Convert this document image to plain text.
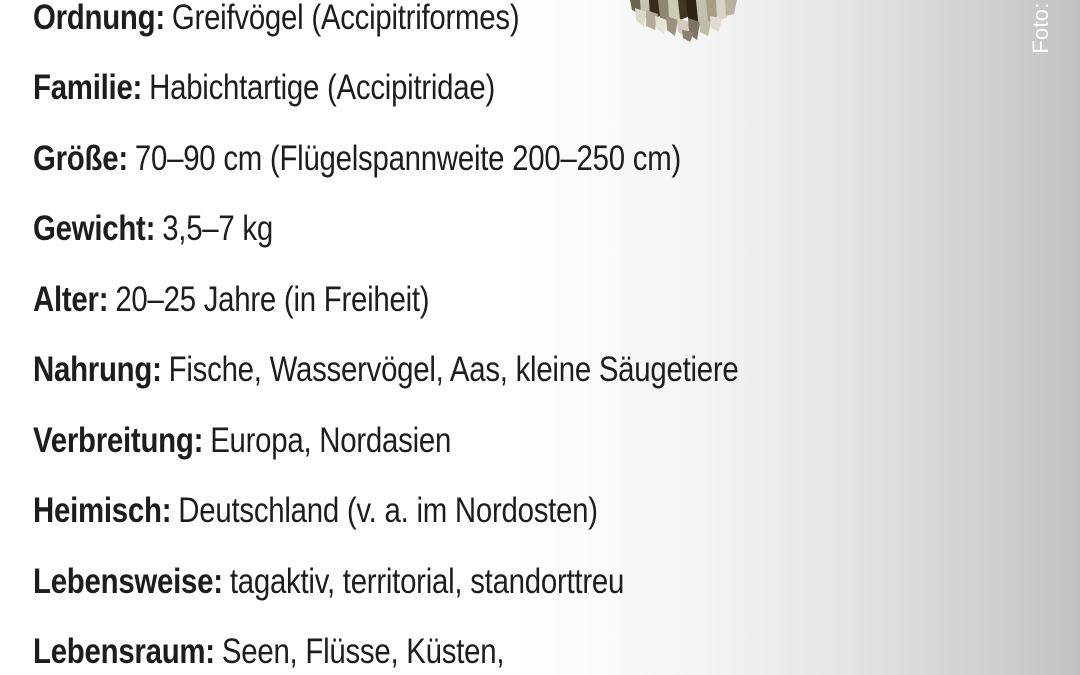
Foto:
Ordnung: Greifvögel (Accipitriformes)
Familie: Habichtartige (Accipitridae)
Größe: 70–90 cm (Flügelspannweite 200–250 cm)
Gewicht: 3,5–7 kg
Alter: 20–25 Jahre (in Freiheit)
Nahrung: Fische, Wasservögel, Aas, kleine Säugetiere
Verbreitung: Europa, Nordasien
Heimisch: Deutschland (v. a. im Nordosten)
Lebensweise: tagaktiv, territorial, standorttreu
Lebensraum: Seen, Flüsse, Küsten,
